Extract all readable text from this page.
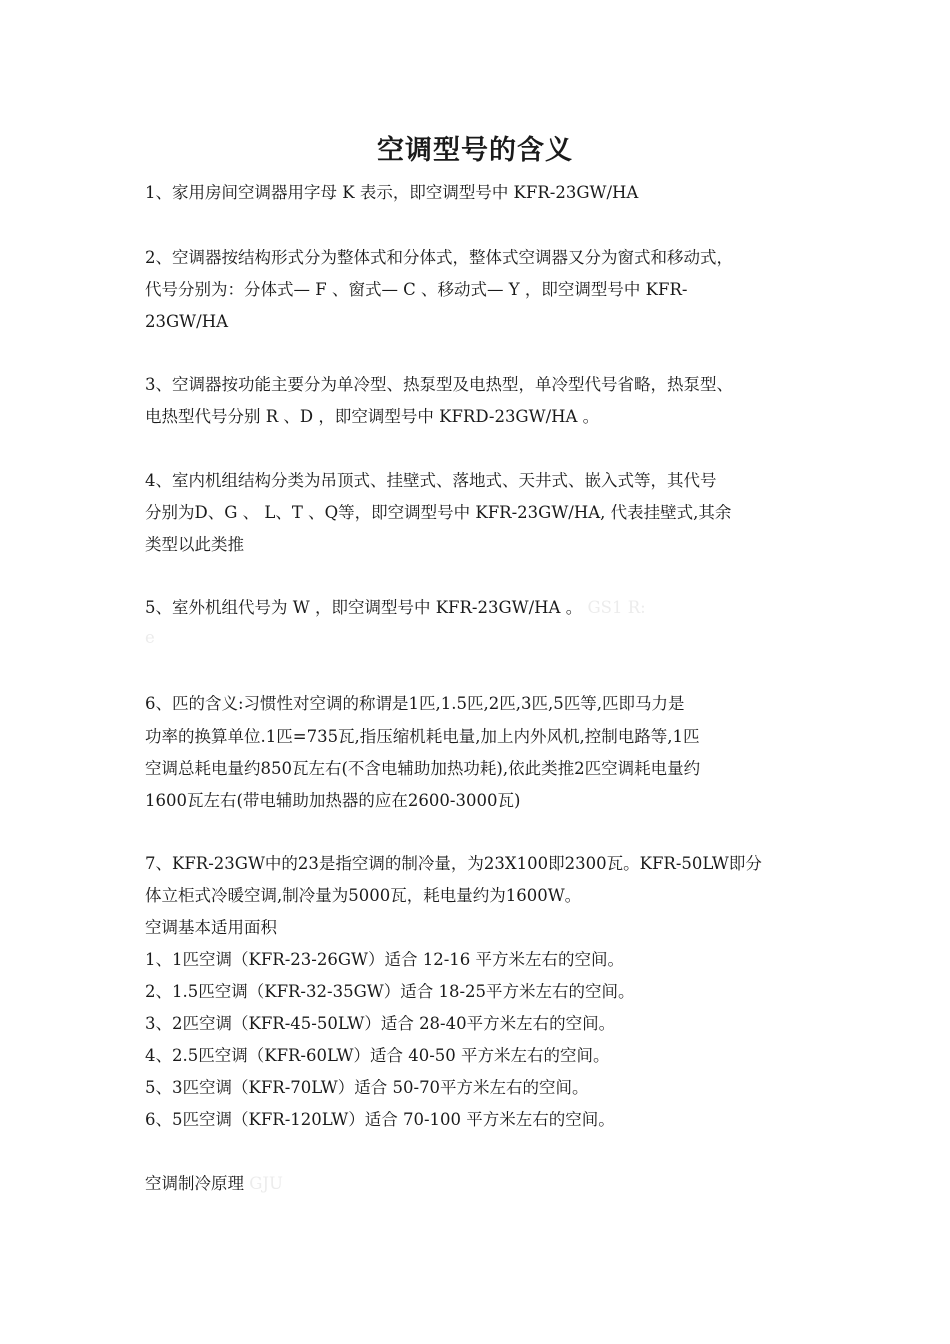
空调型号的含义
1、家用房间空调器用字母 K 表示，即空调型号中 KFR-23GW/HA
2、空调器按结构形式分为整体式和分体式，整体式空调器又分为窗式和移动式，
代号分别为：分体式— F 、窗式— C 、移动式— Y ，即空调型号中 KFR-
23GW/HA
3、空调器按功能主要分为单冷型、热泵型及电热型，单冷型代号省略，热泵型、
电热型代号分别 R 、D ，即空调型号中 KFRD-23GW/HA 。
4、室内机组结构分类为吊顶式、挂壁式、落地式、天井式、嵌入式等，其代号
分别为D、G 、 L、T 、Q等，即空调型号中 KFR-23GW/HA, 代表挂壁式,其余
类型以此类推
5、室外机组代号为 W ，即空调型号中 KFR-23GW/HA 。 GS1 R:
e
6、匹的含义:习惯性对空调的称谓是1匹,1.5匹,2匹,3匹,5匹等,匹即马力是
功率的换算单位.1匹=735瓦,指压缩机耗电量,加上内外风机,控制电路等,1匹
空调总耗电量约850瓦左右(不含电辅助加热功耗),依此类推2匹空调耗电量约
1600瓦左右(带电辅助加热器的应在2600-3000瓦)
7、KFR-23GW中的23是指空调的制冷量，为23X100即2300瓦。KFR-50LW即分
体立柜式冷暖空调,制冷量为5000瓦，耗电量约为1600W。
空调基本适用面积
1、1匹空调（KFR-23-26GW）适合 12-16 平方米左右的空间。
2、1.5匹空调（KFR-32-35GW）适合 18-25平方米左右的空间。
3、2匹空调（KFR-45-50LW）适合 28-40平方米左右的空间。
4、2.5匹空调（KFR-60LW）适合 40-50 平方米左右的空间。
5、3匹空调（KFR-70LW）适合 50-70平方米左右的空间。
6、5匹空调（KFR-120LW）适合 70-100 平方米左右的空间。
空调制冷原理 GJU
